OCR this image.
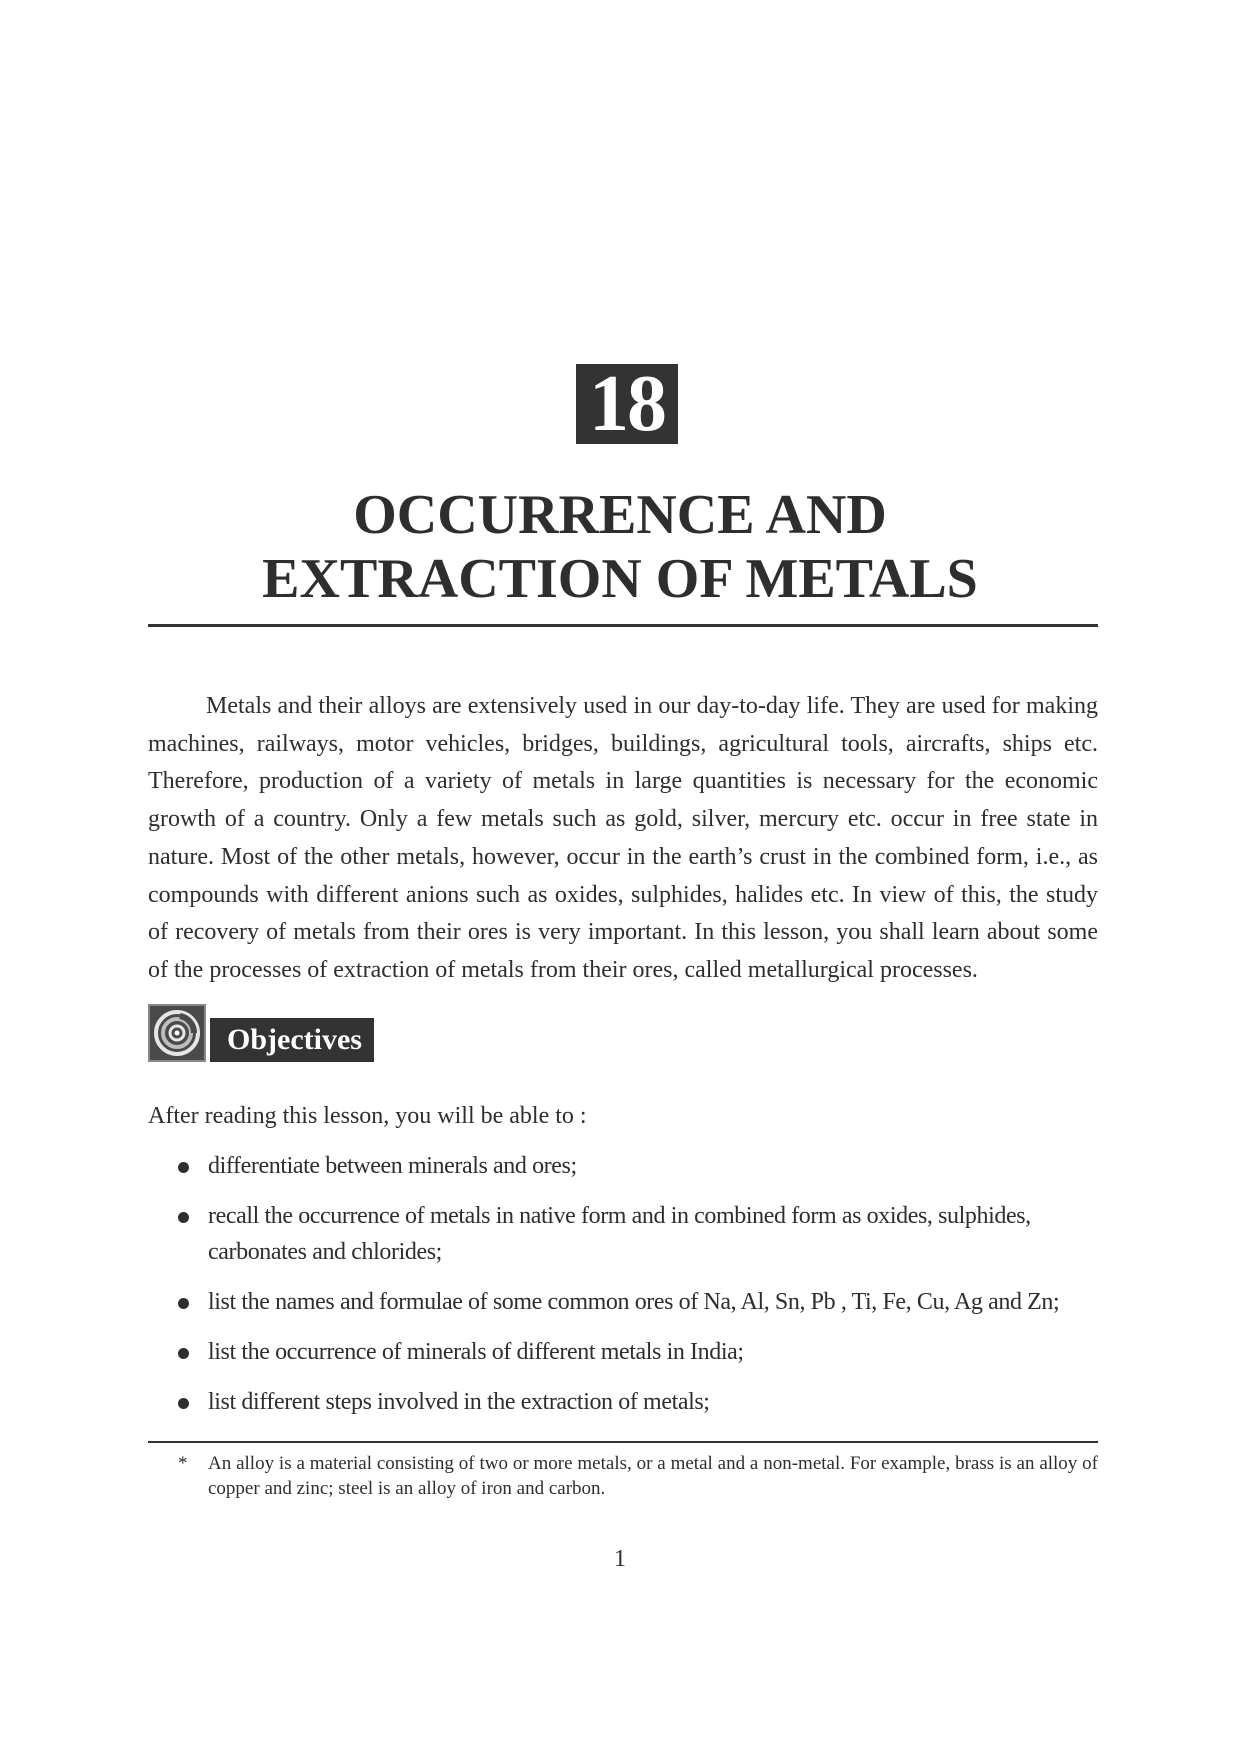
18
OCCURRENCE AND
EXTRACTION OF METALS

Metals and their alloys are extensively used in our day-to-day life. They are used for making machines, railways, motor vehicles, bridges, buildings, agricultural tools, aircrafts, ships etc. Therefore, production of a variety of metals in large quantities is necessary for the economic growth of a country. Only a few metals such as gold, silver, mercury etc. occur in free state in nature. Most of the other metals, however, occur in the earth’s crust in the combined form, i.e., as compounds with different anions such as oxides, sulphides, halides etc. In view of this, the study of recovery of metals from their ores is very important. In this lesson, you shall learn about some of the processes of extraction of metals from their ores, called metallurgical processes.

Objectives
After reading this lesson, you will be able to :
differentiate between minerals and ores;
recall the occurrence of metals in native form and in combined form as oxides, sulphides, carbonates and chlorides;
list the names and formulae of some common ores of Na, Al, Sn, Pb , Ti, Fe, Cu, Ag and Zn;
list the occurrence of minerals of different metals in India;
list different steps involved in the extraction of metals;
*	An alloy is a material consisting of two or more metals, or a metal and a non-metal. For example, brass is an alloy of copper and zinc; steel is an alloy of iron and carbon.
1
